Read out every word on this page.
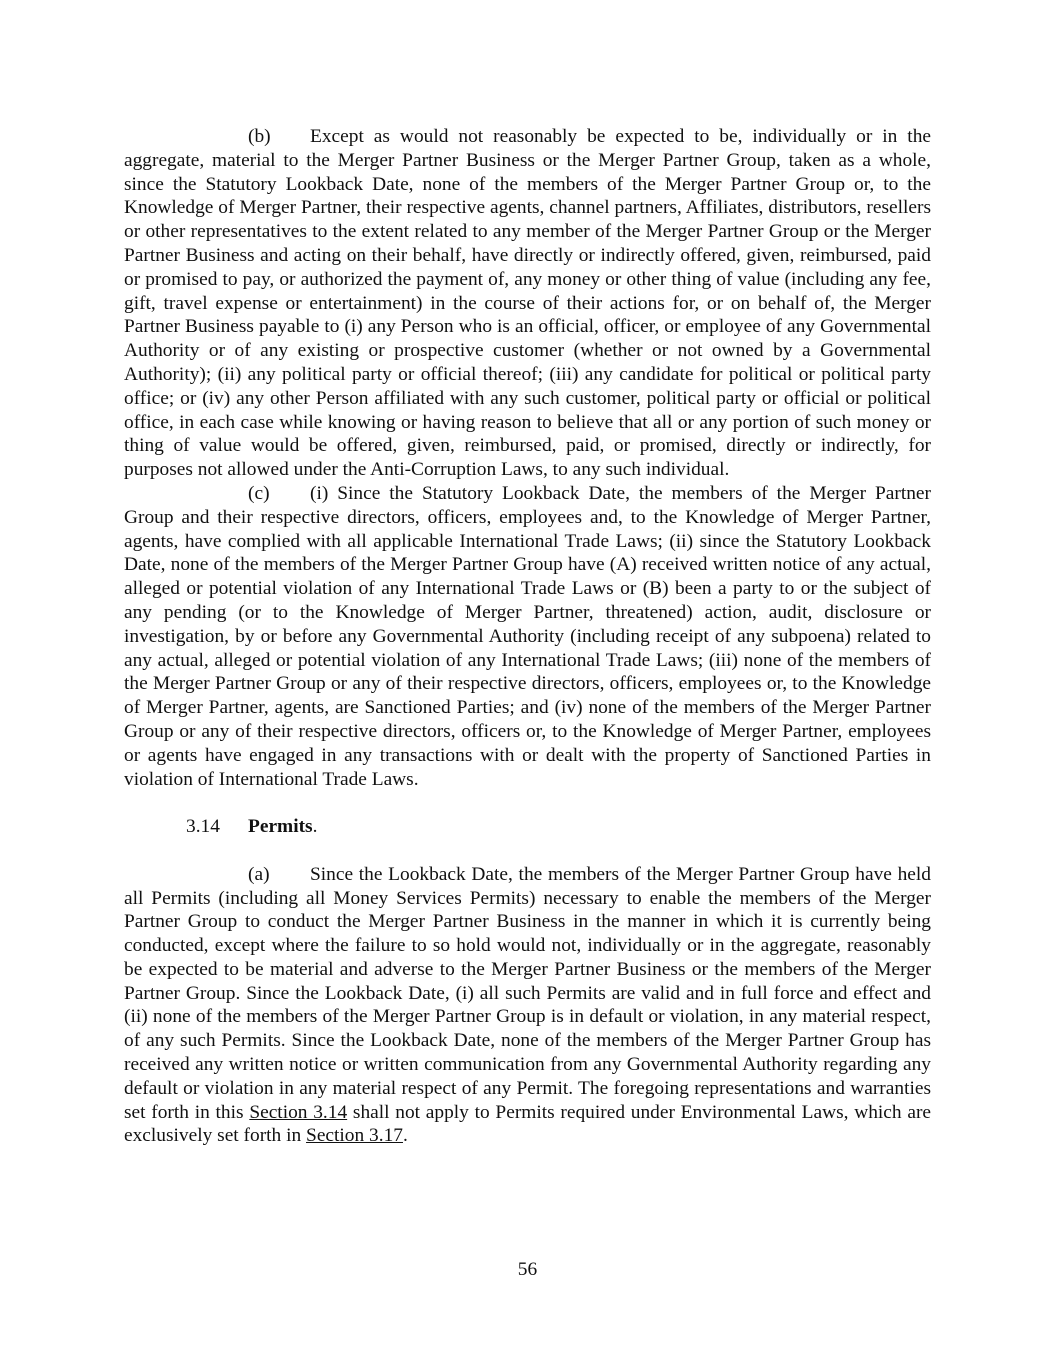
(b) Except as would not reasonably be expected to be, individually or in the aggregate, material to the Merger Partner Business or the Merger Partner Group, taken as a whole, since the Statutory Lookback Date, none of the members of the Merger Partner Group or, to the Knowledge of Merger Partner, their respective agents, channel partners, Affiliates, distributors, resellers or other representatives to the extent related to any member of the Merger Partner Group or the Merger Partner Business and acting on their behalf, have directly or indirectly offered, given, reimbursed, paid or promised to pay, or authorized the payment of, any money or other thing of value (including any fee, gift, travel expense or entertainment) in the course of their actions for, or on behalf of, the Merger Partner Business payable to (i) any Person who is an official, officer, or employee of any Governmental Authority or of any existing or prospective customer (whether or not owned by a Governmental Authority); (ii) any political party or official thereof; (iii) any candidate for political or political party office; or (iv) any other Person affiliated with any such customer, political party or official or political office, in each case while knowing or having reason to believe that all or any portion of such money or thing of value would be offered, given, reimbursed, paid, or promised, directly or indirectly, for purposes not allowed under the Anti-Corruption Laws, to any such individual.

(c) (i) Since the Statutory Lookback Date, the members of the Merger Partner Group and their respective directors, officers, employees and, to the Knowledge of Merger Partner, agents, have complied with all applicable International Trade Laws; (ii) since the Statutory Lookback Date, none of the members of the Merger Partner Group have (A) received written notice of any actual, alleged or potential violation of any International Trade Laws or (B) been a party to or the subject of any pending (or to the Knowledge of Merger Partner, threatened) action, audit, disclosure or investigation, by or before any Governmental Authority (including receipt of any subpoena) related to any actual, alleged or potential violation of any International Trade Laws; (iii) none of the members of the Merger Partner Group or any of their respective directors, officers, employees or, to the Knowledge of Merger Partner, agents, are Sanctioned Parties; and (iv) none of the members of the Merger Partner Group or any of their respective directors, officers or, to the Knowledge of Merger Partner, employees or agents have engaged in any transactions with or dealt with the property of Sanctioned Parties in violation of International Trade Laws.

3.14 Permits.

(a) Since the Lookback Date, the members of the Merger Partner Group have held all Permits (including all Money Services Permits) necessary to enable the members of the Merger Partner Group to conduct the Merger Partner Business in the manner in which it is currently being conducted, except where the failure to so hold would not, individually or in the aggregate, reasonably be expected to be material and adverse to the Merger Partner Business or the members of the Merger Partner Group. Since the Lookback Date, (i) all such Permits are valid and in full force and effect and (ii) none of the members of the Merger Partner Group is in default or violation, in any material respect, of any such Permits. Since the Lookback Date, none of the members of the Merger Partner Group has received any written notice or written communication from any Governmental Authority regarding any default or violation in any material respect of any Permit. The foregoing representations and warranties set forth in this Section 3.14 shall not apply to Permits required under Environmental Laws, which are exclusively set forth in Section 3.17.

56
